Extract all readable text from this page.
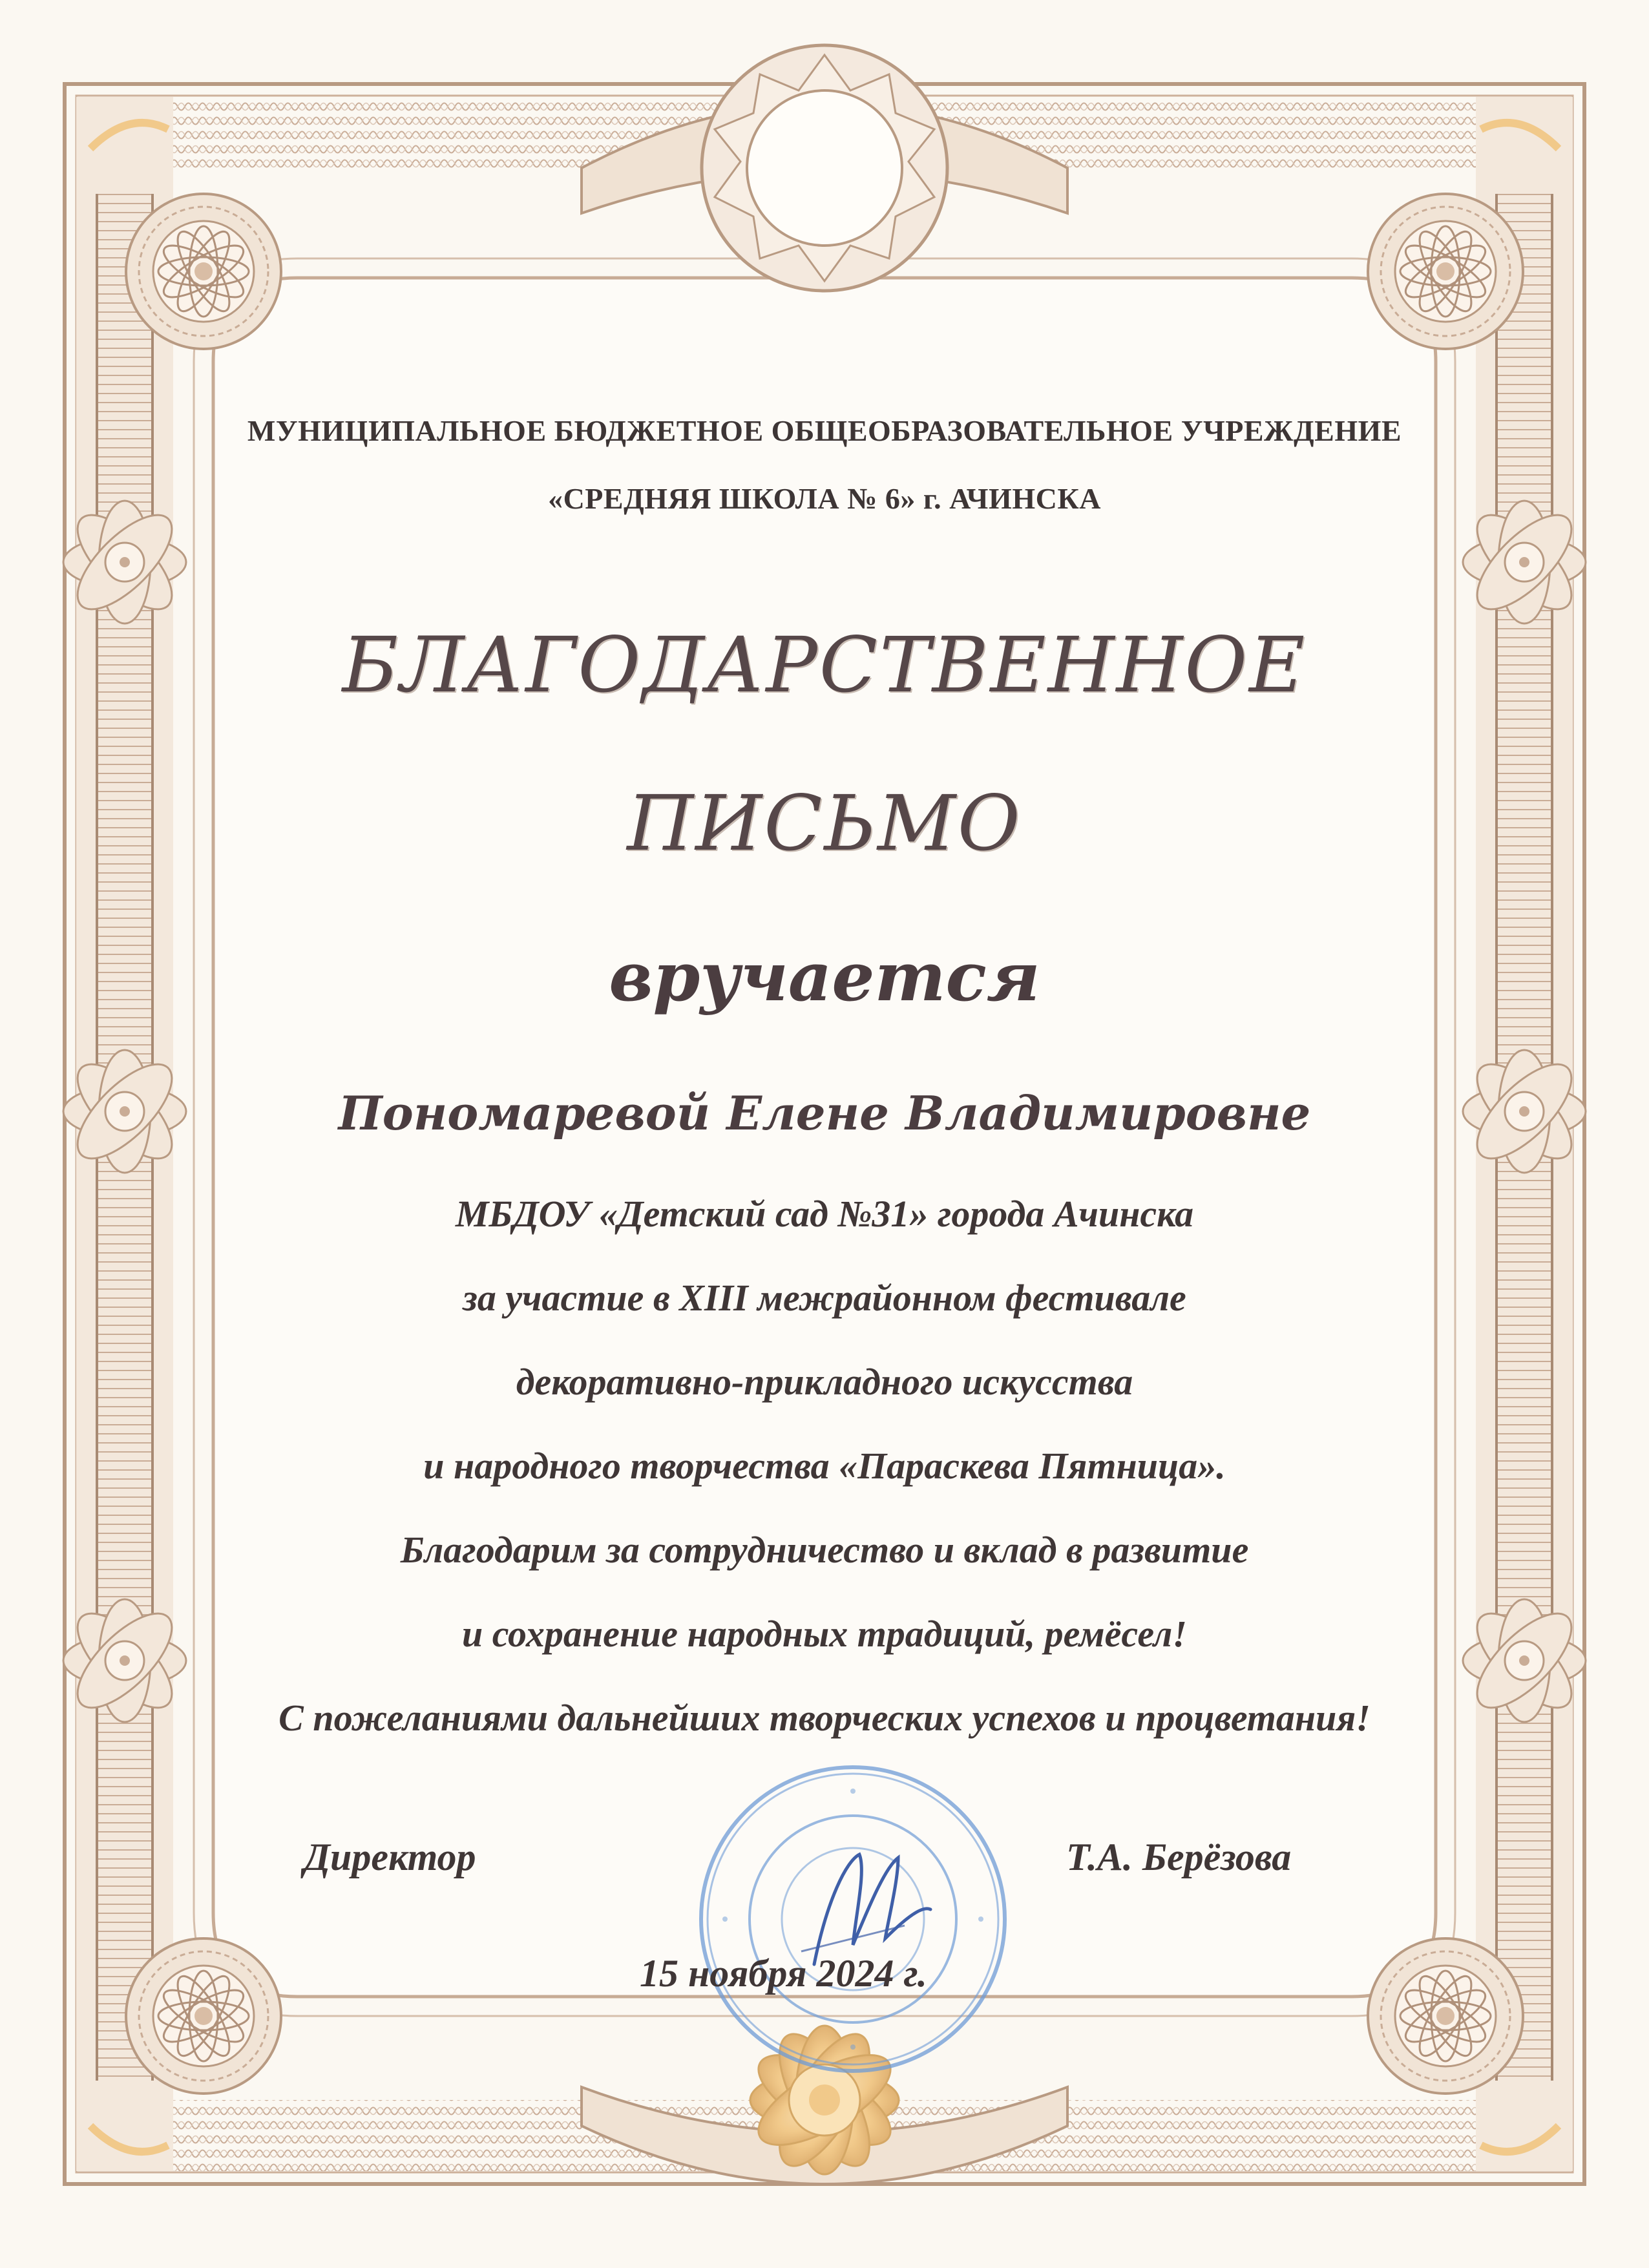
МУНИЦИПАЛЬНОЕ БЮДЖЕТНОЕ ОБЩЕОБРАЗОВАТЕЛЬНОЕ УЧРЕЖДЕНИЕ
«СРЕДНЯЯ ШКОЛА № 6» г. АЧИНСКА
БЛАГОДАРСТВЕННОЕ
ПИСЬМО
вручается
Пономаревой Елене Владимировне
МБДОУ «Детский сад №31» города Ачинска
за участие в XIII межрайонном фестивале
декоративно-прикладного искусства
и народного творчества «Параскева Пятница».
Благодарим за сотрудничество и вклад в развитие
и сохранение народных традиций, ремёсел!
С пожеланиями дальнейших творческих успехов и процветания!
Директор	Т.А. Берёзова
15 ноября 2024 г.
